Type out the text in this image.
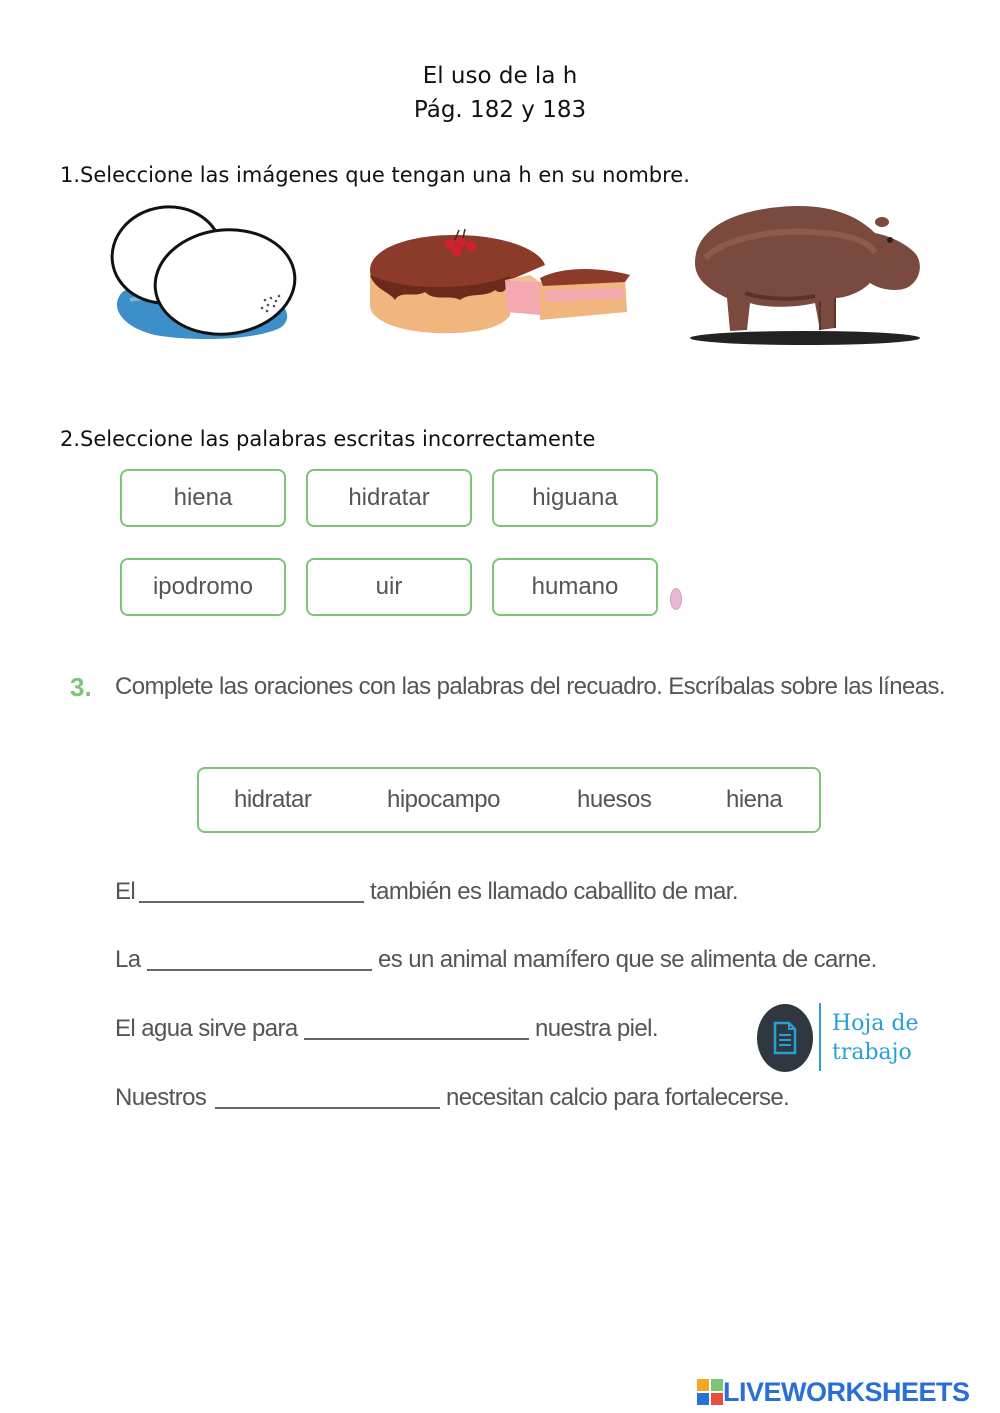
El uso de la h
Pág. 182 y 183
1.Seleccione las imágenes que tengan una h en su nombre.
2.Seleccione las palabras escritas incorrectamente
hiena	hidratar	higuana
ipodromo	uir	humano
3. Complete las oraciones con las palabras del recuadro. Escríbalas sobre las líneas.
hidratar	hipocampo	huesos	hiena
El	también es llamado caballito de mar.
La	es un animal mamífero que se alimenta de carne.
El agua sirve para	nuestra piel.
Nuestros	necesitan calcio para fortalecerse.
Hoja de
trabajo
LIVEWORKSHEETS
